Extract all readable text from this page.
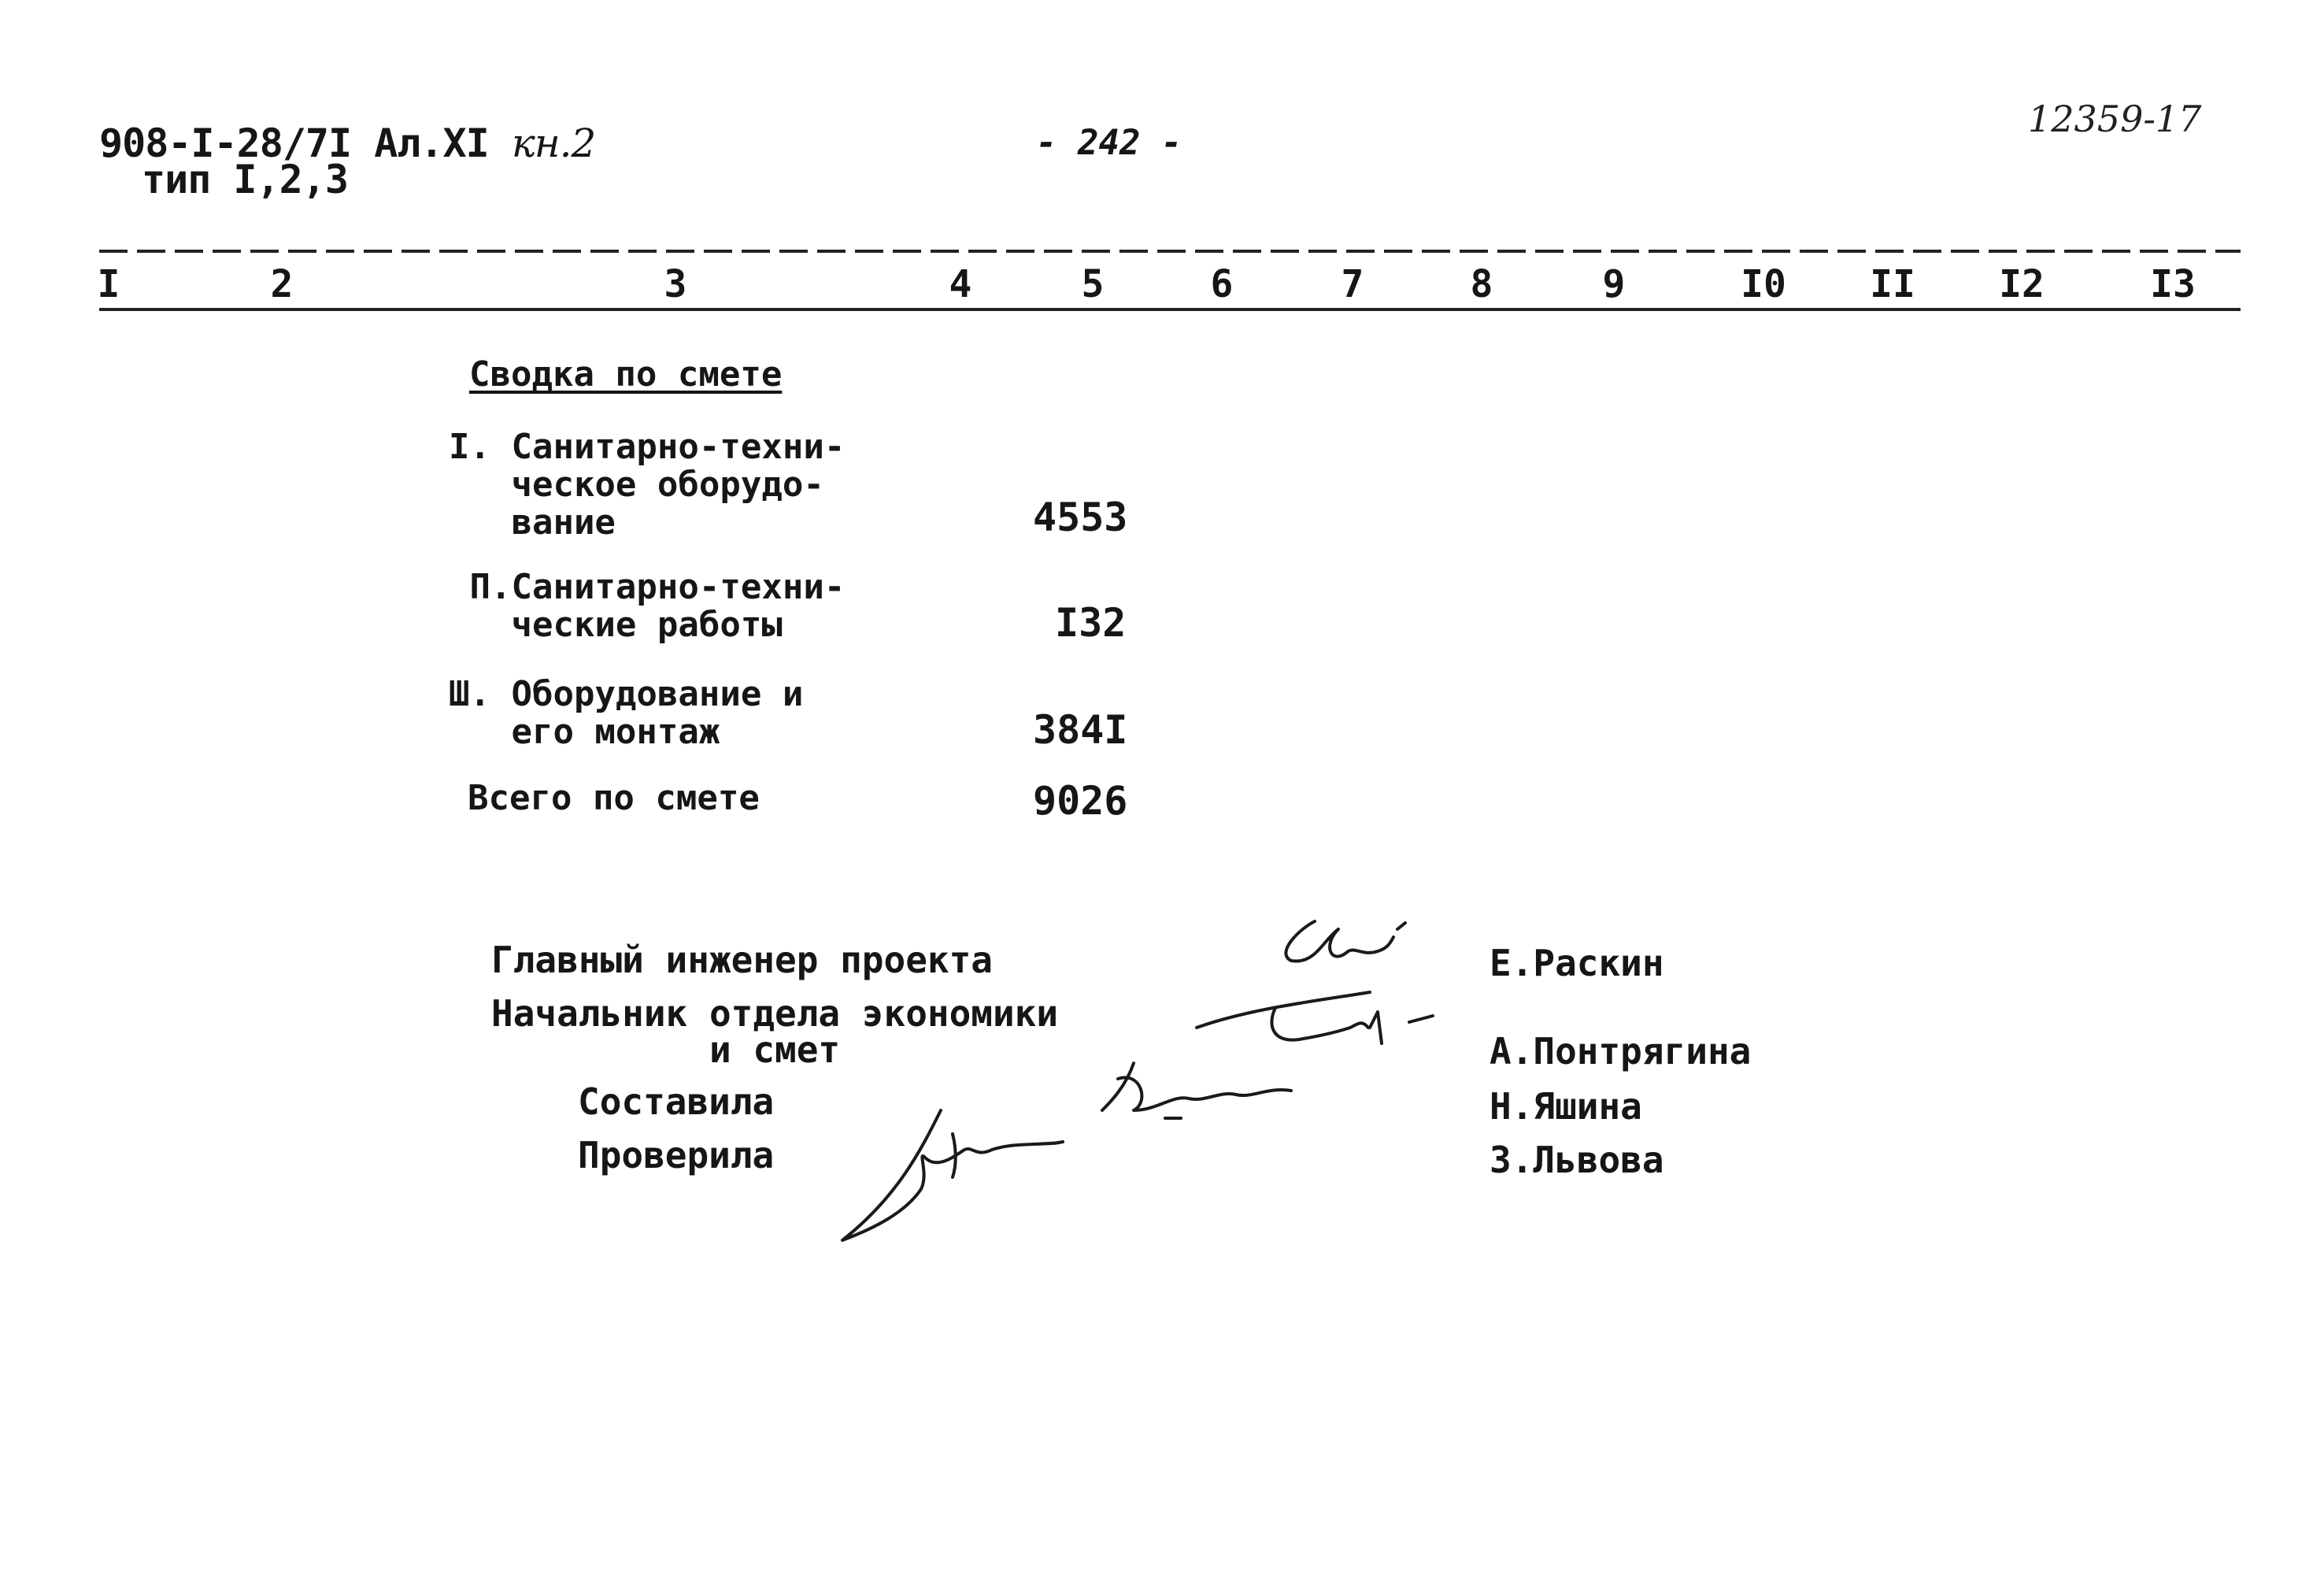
908-I-28/7I Ал.XI кн.2
тип I,2,3
- 242 -
12359-17
I	2	3	4	5	6	7	8	9	I0	II	I2	I3
Сводка по смете
I. Санитарно-техни-
ческое оборудо-
вание	4553
П.Санитарно-техни-
ческие работы	I32
Ш. Оборудование и
его монтаж	384I
Всего по смете	9026
Главный инженер проекта	Е.Раскин
Начальник отдела экономики
и смет	А.Понтрягина
Составила	Н.Яшина
Проверила	З.Львова
